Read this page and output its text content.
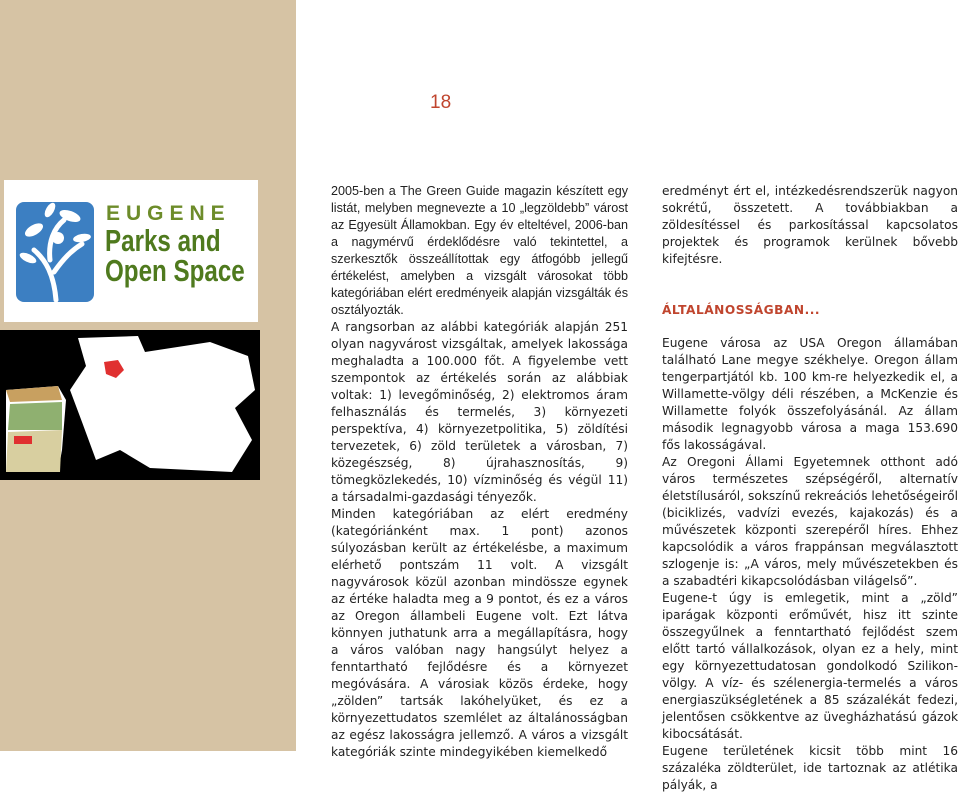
18
EUGENE
Parks and
Open Space

2005-ben a The Green Guide magazin készített egy listát, melyben megnevezte a 10 „legzöldebb” várost az Egyesült Államokban. Egy év elteltével, 2006-ban a nagymérvű érdeklődésre való tekintettel, a szerkesztők összeállítottak egy átfogóbb jellegű értékelést, amelyben a vizsgált városokat több kategóriában elért eredményeik alapján vizsgálták és osztályozták.

A rangsorban az alábbi kategóriák alapján 251 olyan nagyvárost vizsgáltak, amelyek lakossága meghaladta a 100.000 főt. A figyelembe vett szempontok az értékelés során az alábbiak voltak: 1) levegőminőség, 2) elektromos áram felhasználás és termelés, 3) környezeti perspektíva, 4) környezetpolitika, 5) zöldítési tervezetek, 6) zöld területek a városban, 7) közegészség, 8) újrahasznosítás, 9) tömegközlekedés, 10) vízminőség és végül 11) a társadalmi-gazdasági tényezők.

Minden kategóriában az elért eredmény (kategóriánként max. 1 pont) azonos súlyozásban került az értékelésbe, a maximum elérhető pontszám 11 volt. A vizsgált nagyvárosok közül azonban mindössze egynek az értéke haladta meg a 9 pontot, és ez a város az Oregon állambeli Eugene volt. Ezt látva könnyen juthatunk arra a megállapításra, hogy a város valóban nagy hangsúlyt helyez a fenntartható fejlődésre és a környezet megóvására. A városiak közös érdeke, hogy „zölden” tartsák lakóhelyüket, és ez a környezettudatos szemlélet az általánosságban az egész lakosságra jellemző. A város a vizsgált kategóriák szinte mindegyikében kiemelkedő

eredményt ért el, intézkedésrendszerük nagyon sokrétű, összetett. A továbbiakban a zöldesítéssel és parkosítással kapcsolatos projektek és programok kerülnek bővebb kifejtésre.

ÁLTALÁNOSSÁGBAN...

Eugene városa az USA Oregon államában található Lane megye székhelye. Oregon állam tengerpartjától kb. 100 km-re helyezkedik el, a Willamette-völgy déli részében, a McKenzie és Willamette folyók összefolyásánál. Az állam második legnagyobb városa a maga 153.690 fős lakosságával.

Az Oregoni Állami Egyetemnek otthont adó város természetes szépségéről, alternatív életstílusáról, sokszínű rekreációs lehetőségeiről (biciklizés, vadvízi evezés, kajakozás) és a művészetek központi szerepéről híres. Ehhez kapcsolódik a város frappánsan megválasztott szlogenje is: „A város, mely művészetekben és a szabadtéri kikapcsolódásban világelső”.

Eugene-t úgy is emlegetik, mint a „zöld” iparágak központi erőművét, hisz itt szinte összegyűlnek a fenntartható fejlődést szem előtt tartó vállalkozások, olyan ez a hely, mint egy környezettudatosan gondolkodó Szilikon-völgy. A víz- és szélenergia-termelés a város energiaszükségletének a 85 százalékát fedezi, jelentősen csökkentve az üvegházhatású gázok kibocsátását.

Eugene területének kicsit több mint 16 százaléka zöldterület, ide tartoznak az atlétika pályák, a
